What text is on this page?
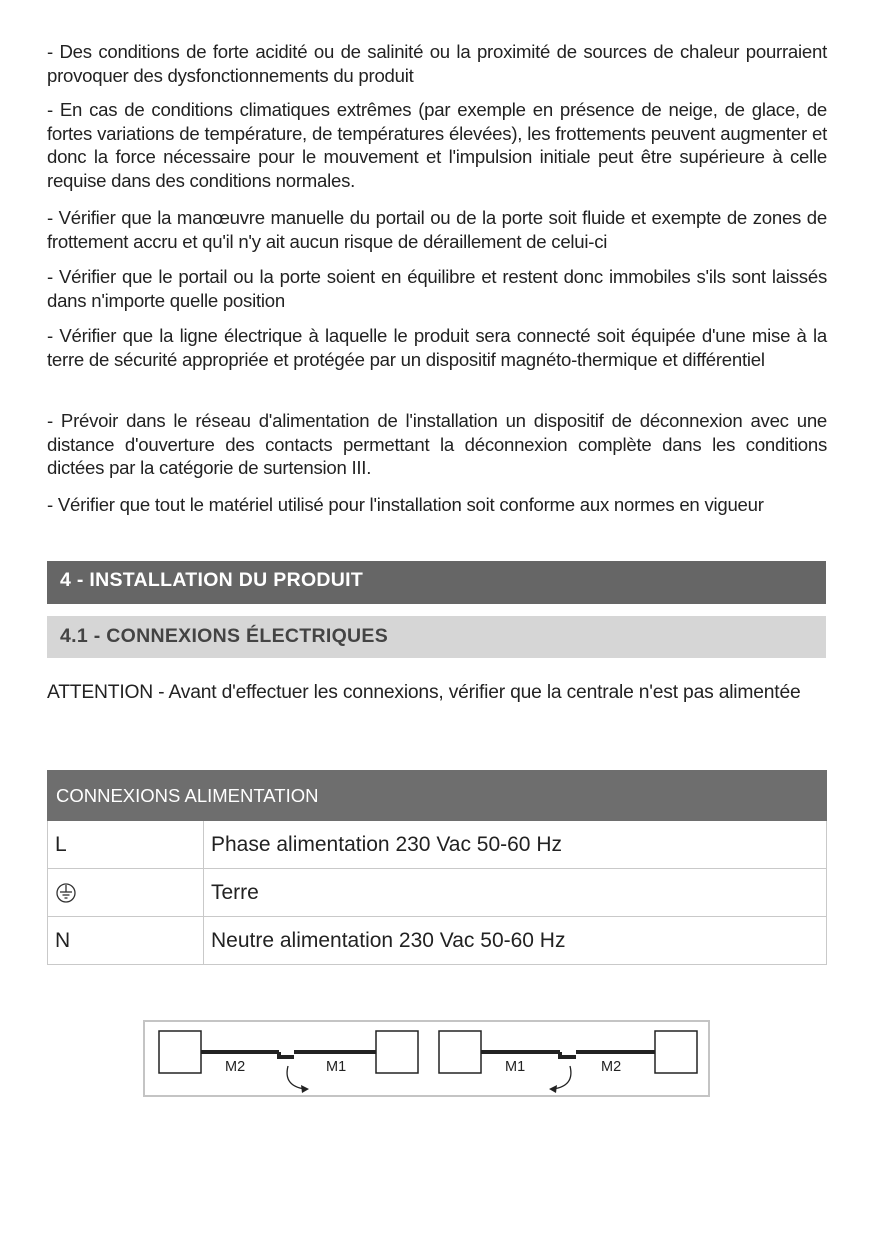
- Des conditions de forte acidité ou de salinité ou la proximité de sources de chaleur pourraient provoquer des dysfonctionnements du produit

- En cas de conditions climatiques extrêmes (par exemple en présence de neige, de glace, de fortes variations de température, de températures élevées), les frottements peuvent augmenter et donc la force nécessaire pour le mouvement et l'impulsion initiale peut être supérieure à celle requise dans des conditions normales.

- Vérifier que la manœuvre manuelle du portail ou de la porte soit fluide et exempte de zones de frottement accru et qu'il n'y ait aucun risque de déraillement de celui-ci

- Vérifier que le portail ou la porte soient en équilibre et restent donc immobiles s'ils sont laissés dans n'importe quelle position

- Vérifier que la ligne électrique à laquelle le produit sera connecté soit équipée d'une mise à la terre de sécurité appropriée et protégée par un dispositif magnéto-thermique et différentiel

- Prévoir dans le réseau d'alimentation de l'installation un dispositif de déconnexion avec une distance d'ouverture des contacts permettant la déconnexion complète dans les conditions dictées par la catégorie de surtension III.

- Vérifier que tout le matériel utilisé pour l'installation soit conforme aux normes en vigueur

4 - INSTALLATION DU PRODUIT
4.1 - CONNEXIONS ÉLECTRIQUES

ATTENTION - Avant d'effectuer les connexions, vérifier que la centrale n'est pas alimentée

CONNEXIONS ALIMENTATION	
L	Phase alimentation 230 Vac 50-60 Hz
	Terre
N	Neutre alimentation 230 Vac 50-60 Hz
M2	M1	M1	M2
